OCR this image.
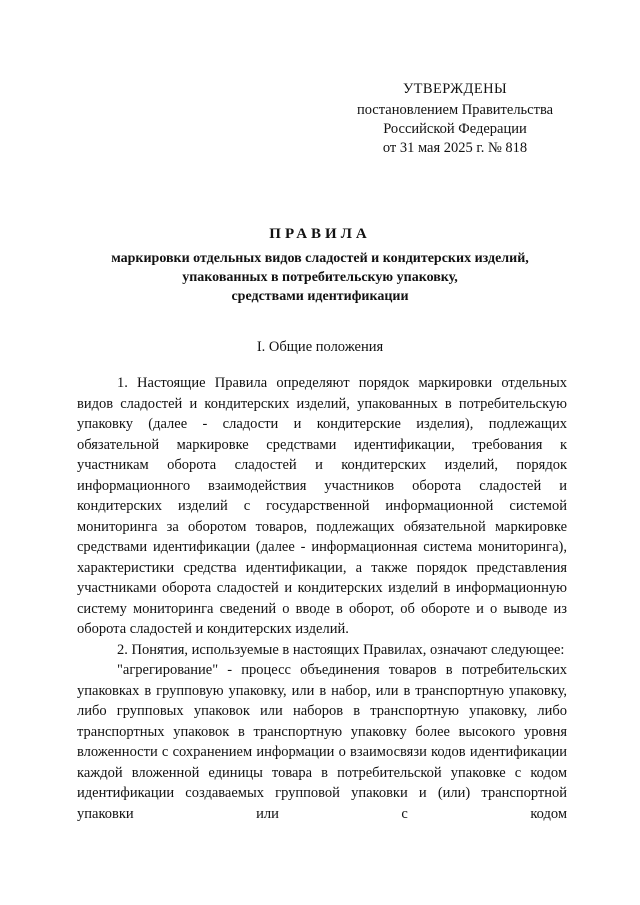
УТВЕРЖДЕНЫ
постановлением Правительства
Российской Федерации
от 31 мая 2025 г. № 818
ПРАВИЛА
маркировки отдельных видов сладостей и кондитерских изделий,
упакованных в потребительскую упаковку,
средствами идентификации
I. Общие положения

1. Настоящие Правила определяют порядок маркировки отдельных видов сладостей и кондитерских изделий, упакованных в потребительскую упаковку (далее - сладости и кондитерские изделия), подлежащих обязательной маркировке средствами идентификации, требования к участникам оборота сладостей и кондитерских изделий, порядок информационного взаимодействия участников оборота сладостей и кондитерских изделий с государственной информационной системой мониторинга за оборотом товаров, подлежащих обязательной маркировке средствами идентификации (далее - информационная система мониторинга), характеристики средства идентификации, а также порядок представления участниками оборота сладостей и кондитерских изделий в информационную систему мониторинга сведений о вводе в оборот, об обороте и о выводе из оборота сладостей и кондитерских изделий.

2. Понятия, используемые в настоящих Правилах, означают следующее:

"агрегирование" - процесс объединения товаров в потребительских упаковках в групповую упаковку, или в набор, или в транспортную упаковку, либо групповых упаковок или наборов в транспортную упаковку, либо транспортных упаковок в транспортную упаковку более высокого уровня вложенности с сохранением информации о взаимосвязи кодов идентификации каждой вложенной единицы товара в потребительской упаковке с кодом идентификации создаваемых групповой упаковки и (или) транспортной упаковки или с кодом
